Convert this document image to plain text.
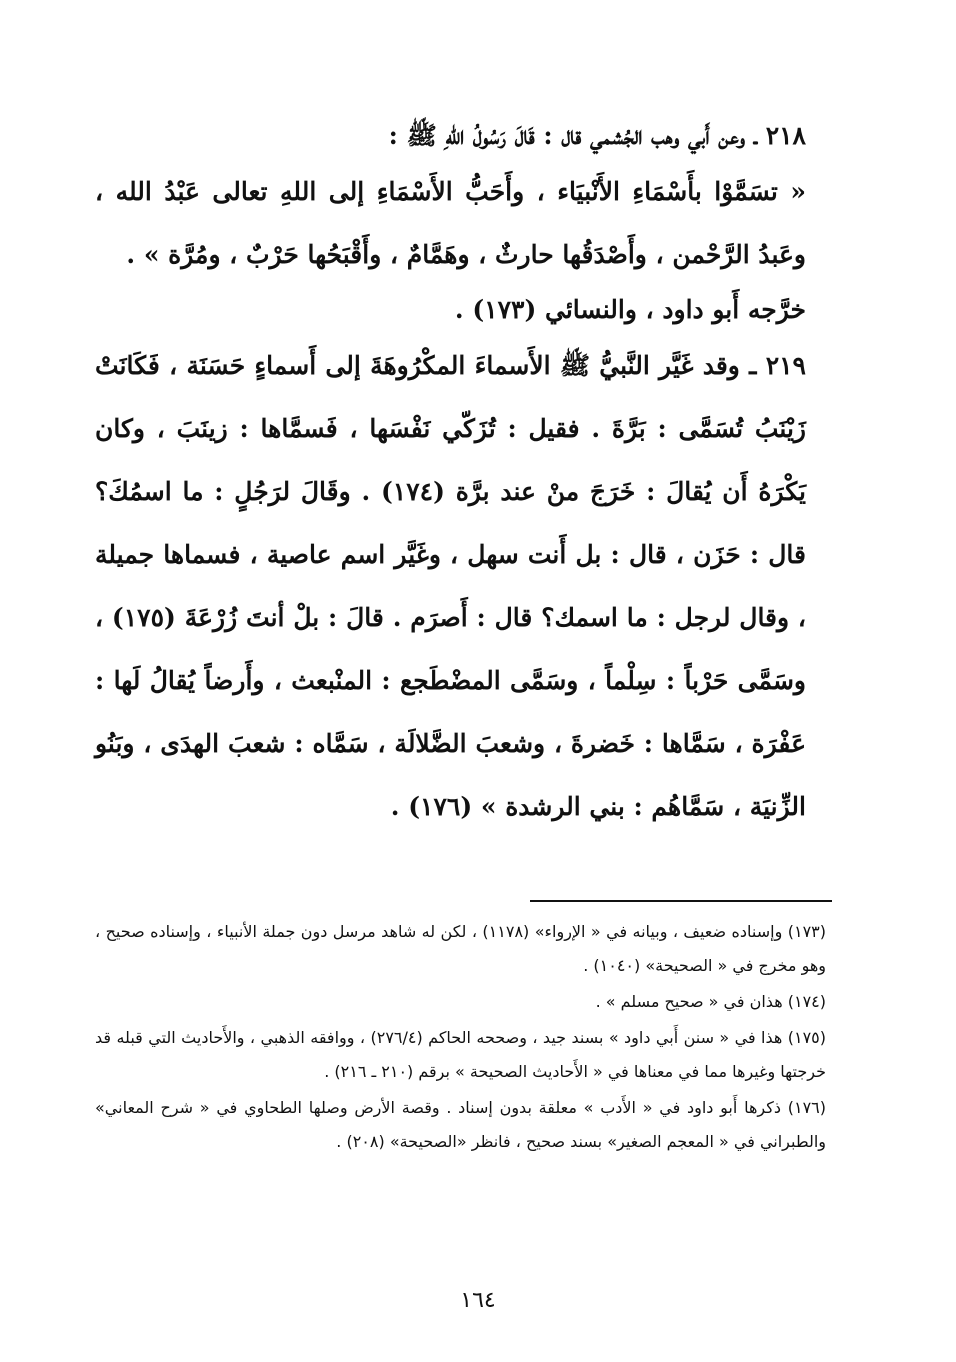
٢١٨ ـ وعن أَبي وهب الجُشمي قال : قَالَ رَسُولُ اللهِ ﷺ :

« تسَمَّوْا بأَسْمَاءِ الأَنْبيَاء ، وأَحَبُّ الأَسْمَاءِ إلى اللهِ تعالى عَبْدُ الله ، وعَبدُ الرَّحْمن ، وأَصْدَقُها حارثٌ ، وهَمَّامٌ ، وأَقْبَحُها حَرْبٌ ، ومُرَّة » .

خرَّجه أَبو داود ، والنسائي (١٧٣) .

٢١٩ ـ وقد غَيَّر النَّبيُّ ﷺ الأَسماءَ المكْرُوهَةَ إلى أَسماءٍ حَسَنَة ، فَكَانَتْ زَيْنَبُ تُسَمَّى : بَرَّةَ . فقيل : تُزَكّي نَفْسَها ، فَسمَّاها : زينَبَ ، وكان يَكْرَهُ أَن يُقالَ : خَرَجَ منْ عند برَّة (١٧٤) . وقَالَ لرَجُلٍ : ما اسمُكَ؟ قال : حَزَن ، قال : بل أَنت سهل ، وغَيَّر اسم عاصية ، فسماها جميلة ، وقال لرجل : ما اسمك؟ قال : أَصرَم . قالَ : بلْ أنتَ زُرْعَةَ (١٧٥) ، وسَمَّى حَرْباً : سِلْماً ، وسَمَّى المضْطَجع : المنْبعث ، وأَرضاً يُقالُ لَها : عَفْرَة ، سَمَّاها : خَضرةَ ، وشعبَ الضَّلالَة ، سَمَّاه : شعبَ الهدَى ، وبَنُو الزِّنيَة ، سَمَّاهُم : بني الرشدة » (١٧٦) .

(١٧٣) وإسناده ضعيف ، وبيانه في « الإرواء» (١١٧٨) ، لكن له شاهد مرسل دون جملة الأنبياء ، وإسناده صحيح ، وهو مخرج في « الصحيحة» (١٠٤٠) .

(١٧٤) هذان في « صحيح مسلم » .

(١٧٥) هذا في « سنن أَبي داود » بسند جيد ، وصححه الحاكم (٢٧٦/٤) ، ووافقه الذهبي ، والأَحاديث التي قبله قد خرجتها وغيرها مما في معناها في « الأَحاديث الصحيحة » برقم (٢١٠ ـ ٢١٦) .

(١٧٦) ذكرها أَبو داود في « الأَدب » معلقة بدون إسناد . وقصة الأرض وصلها الطحاوي في « شرح المعاني» والطبراني في « المعجم الصغير» بسند صحيح ، فانظر «الصحيحة» (٢٠٨) .

١٦٤
